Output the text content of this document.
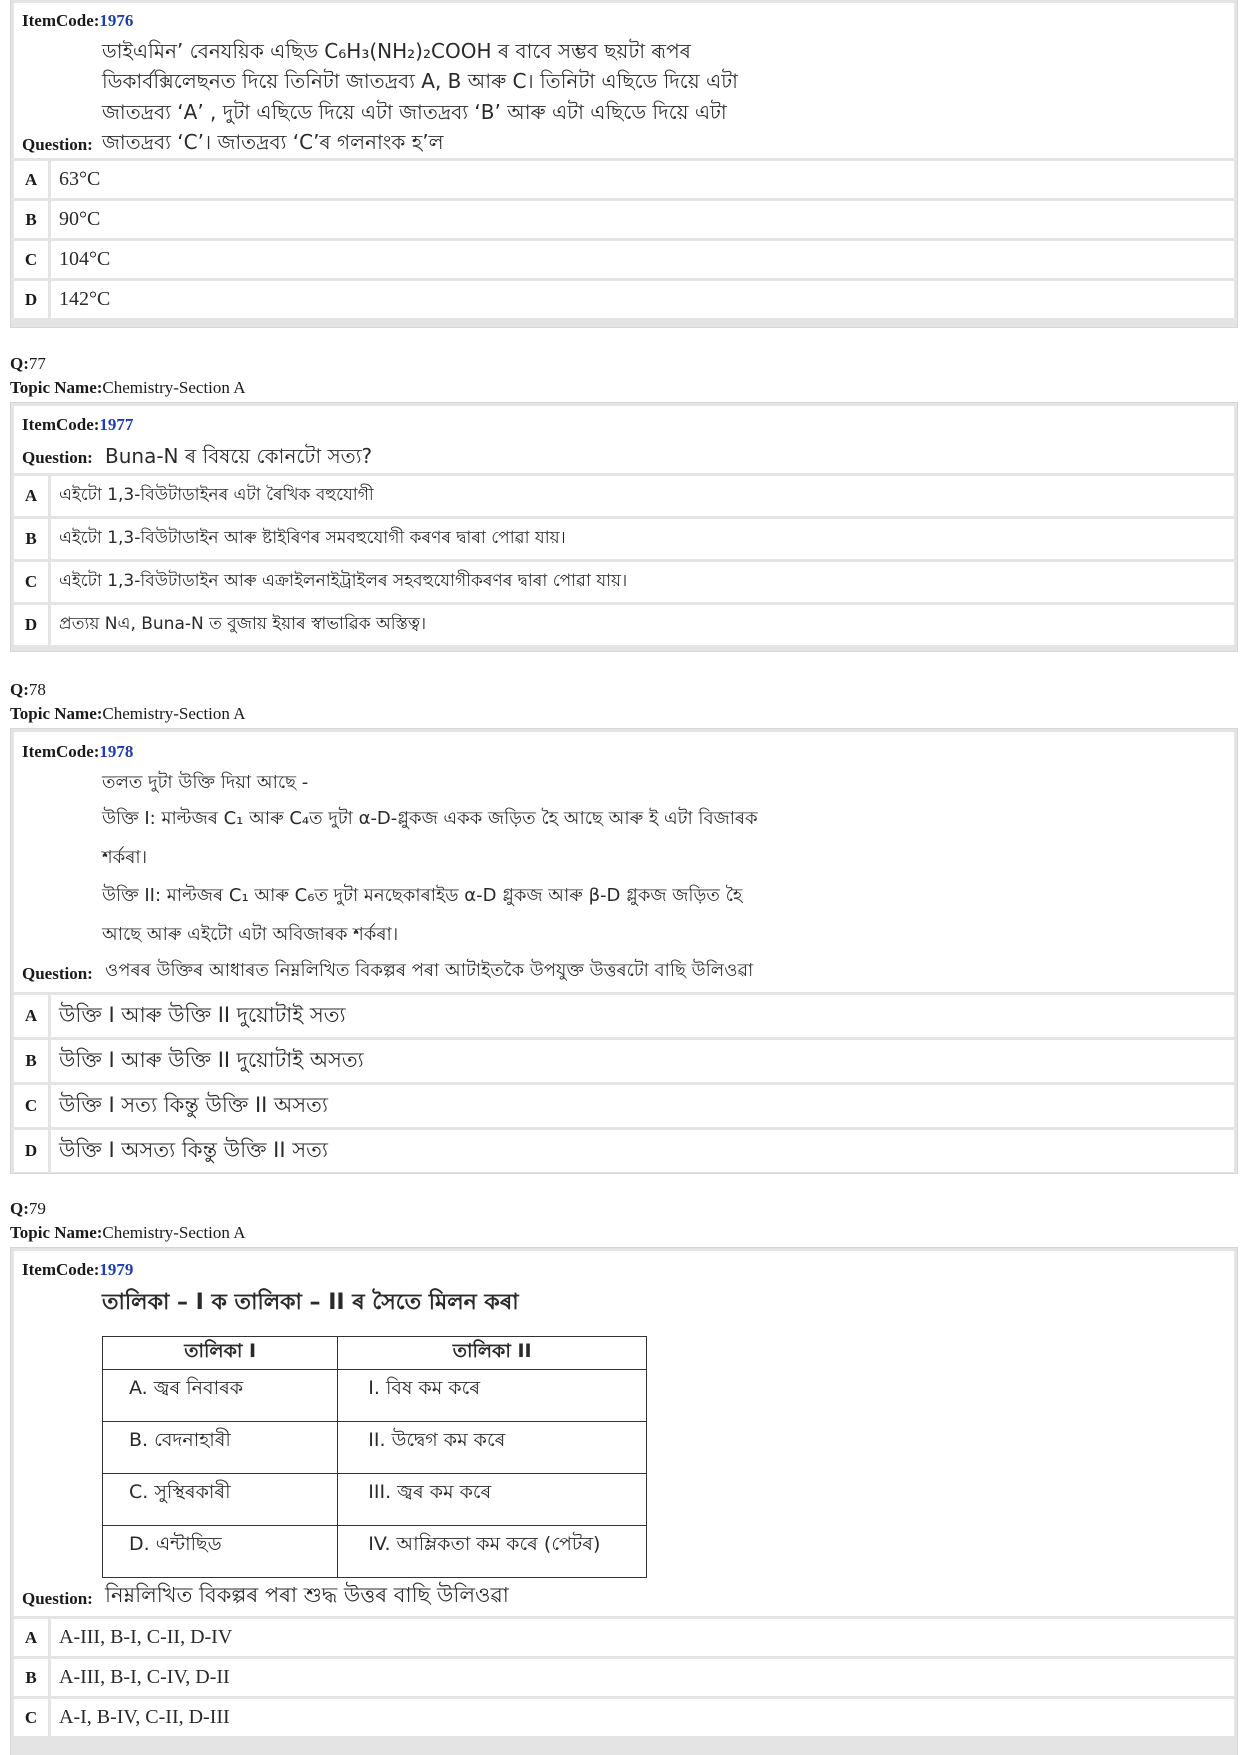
ItemCode:1976
ডাইএমিন’ বেনযয়িক এছিড C₆H₃(NH₂)₂COOH ৰ বাবে সম্ভব ছয়টা ৰূপৰ
ডিকাৰ্বক্সিলেছনত দিয়ে তিনিটা জাতদ্ৰব্য A, B আৰু C। তিনিটা এছিডে দিয়ে এটা
জাতদ্ৰব্য ‘A’ , দুটা এছিডে দিয়ে এটা জাতদ্ৰব্য ‘B’ আৰু এটা এছিডে দিয়ে এটা
Question: জাতদ্ৰব্য ‘C’। জাতদ্ৰব্য ‘C’ৰ গলনাংক হ’ল
A	63°C
B	90°C
C	104°C
D	142°C
Q:77
Topic Name:Chemistry-Section A
ItemCode:1977
Question: Buna-N ৰ বিষয়ে কোনটো সত্য?
A	এইটো 1,3-বিউটাডাইনৰ এটা ৰৈখিক বহুযোগী
B	এইটো 1,3-বিউটাডাইন আৰু ষ্টাইৰিণৰ সমবহুযোগী কৰণৰ দ্বাৰা পোৱা যায়।
C	এইটো 1,3-বিউটাডাইন আৰু এক্ৰাইলনাইট্ৰাইলৰ সহবহুযোগীকৰণৰ দ্বাৰা পোৱা যায়।
D	প্ৰত্যয় Nএ, Buna-N ত বুজায় ইয়াৰ স্বাভাৱিক অস্তিত্ব।
Q:78
Topic Name:Chemistry-Section A
ItemCode:1978
তলত দুটা উক্তি দিয়া আছে -
উক্তি I: মাল্টজৰ C₁ আৰু C₄ত দুটা α-D-গ্লুকজ একক জড়িত হৈ আছে আৰু ই এটা বিজাৰক
শৰ্কৰা।
উক্তি II: মাল্টজৰ C₁ আৰু C₆ত দুটা মনছেকাৰাইড α-D গ্লুকজ আৰু β-D গ্লুকজ জড়িত হৈ
আছে আৰু এইটো এটা অবিজাৰক শৰ্কৰা।
Question: ওপৰৰ উক্তিৰ আধাৰত নিম্নলিখিত বিকল্পৰ পৰা আটাইতকৈ উপযুক্ত উত্তৰটো বাছি উলিওৱা
A	উক্তি I আৰু উক্তি II দুয়োটাই সত্য
B	উক্তি I আৰু উক্তি II দুয়োটাই অসত্য
C	উক্তি I সত্য কিন্তু উক্তি II অসত্য
D	উক্তি I অসত্য কিন্তু উক্তি II সত্য
Q:79
Topic Name:Chemistry-Section A
ItemCode:1979
তালিকা – I ক তালিকা – II ৰ সৈতে মিলন কৰা
তালিকা I	তালিকা II
A. জ্বৰ নিবাৰক	I. বিষ কম কৰে
B. বেদনাহাৰী	II. উদ্বেগ কম কৰে
C. সুস্থিৰকাৰী	III. জ্বৰ কম কৰে
D. এন্টাছিড	IV. আম্লিকতা কম কৰে (পেটৰ)
Question: নিম্নলিখিত বিকল্পৰ পৰা শুদ্ধ উত্তৰ বাছি উলিওৱা
A	A-III, B-I, C-II, D-IV
B	A-III, B-I, C-IV, D-II
C	A-I, B-IV, C-II, D-III
